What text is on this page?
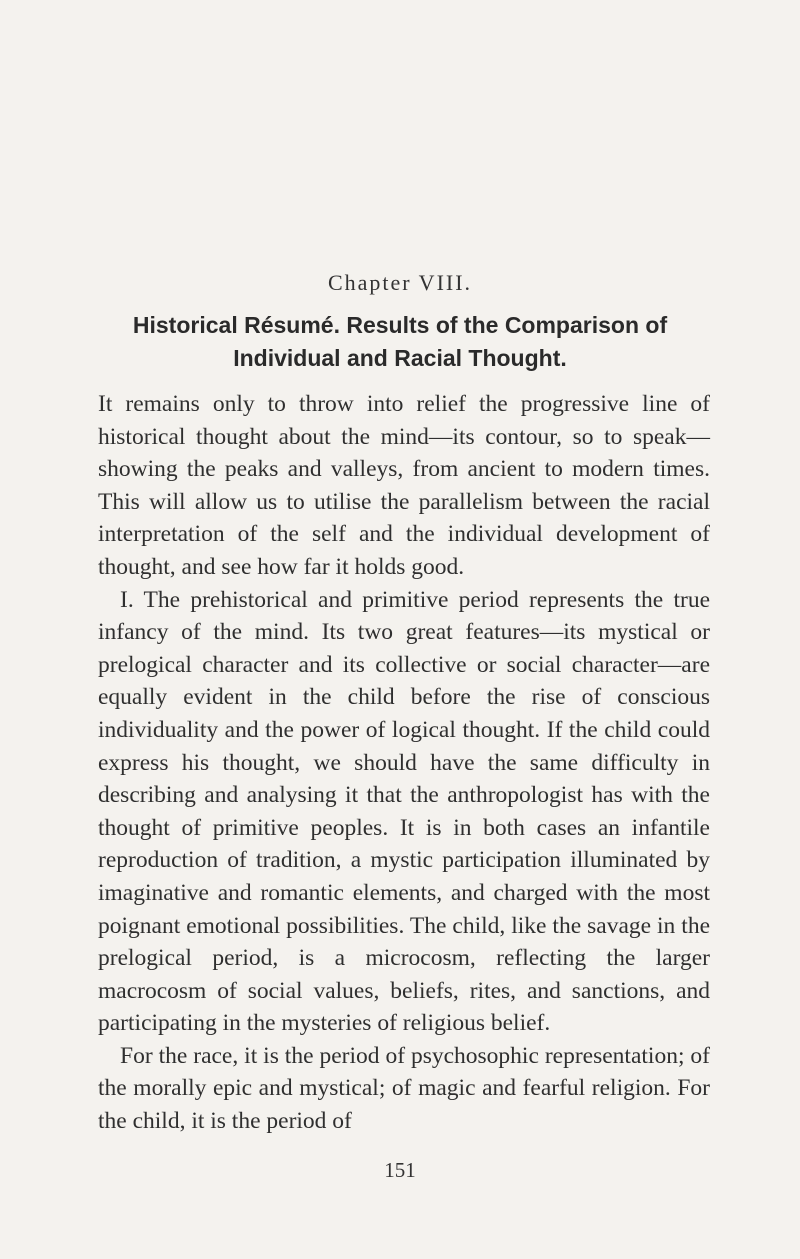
Chapter VIII.
Historical Résumé. Results of the Comparison of
Individual and Racial Thought.

It remains only to throw into relief the progressive line of historical thought about the mind—its contour, so to speak—showing the peaks and valleys, from ancient to modern times. This will allow us to utilise the parallelism between the racial interpretation of the self and the individual development of thought, and see how far it holds good.

I. The prehistorical and primitive period represents the true infancy of the mind. Its two great features—its mystical or prelogical character and its collective or social character—are equally evident in the child before the rise of conscious individuality and the power of logical thought. If the child could express his thought, we should have the same difficulty in describing and analysing it that the anthropologist has with the thought of primitive peoples. It is in both cases an infantile reproduction of tradition, a mystic participation illuminated by imaginative and romantic elements, and charged with the most poignant emotional possibilities. The child, like the savage in the prelogical period, is a microcosm, reflecting the larger macrocosm of social values, beliefs, rites, and sanctions, and participating in the mysteries of religious belief.

For the race, it is the period of psychosophic representation; of the morally epic and mystical; of magic and fearful religion. For the child, it is the period of

151
